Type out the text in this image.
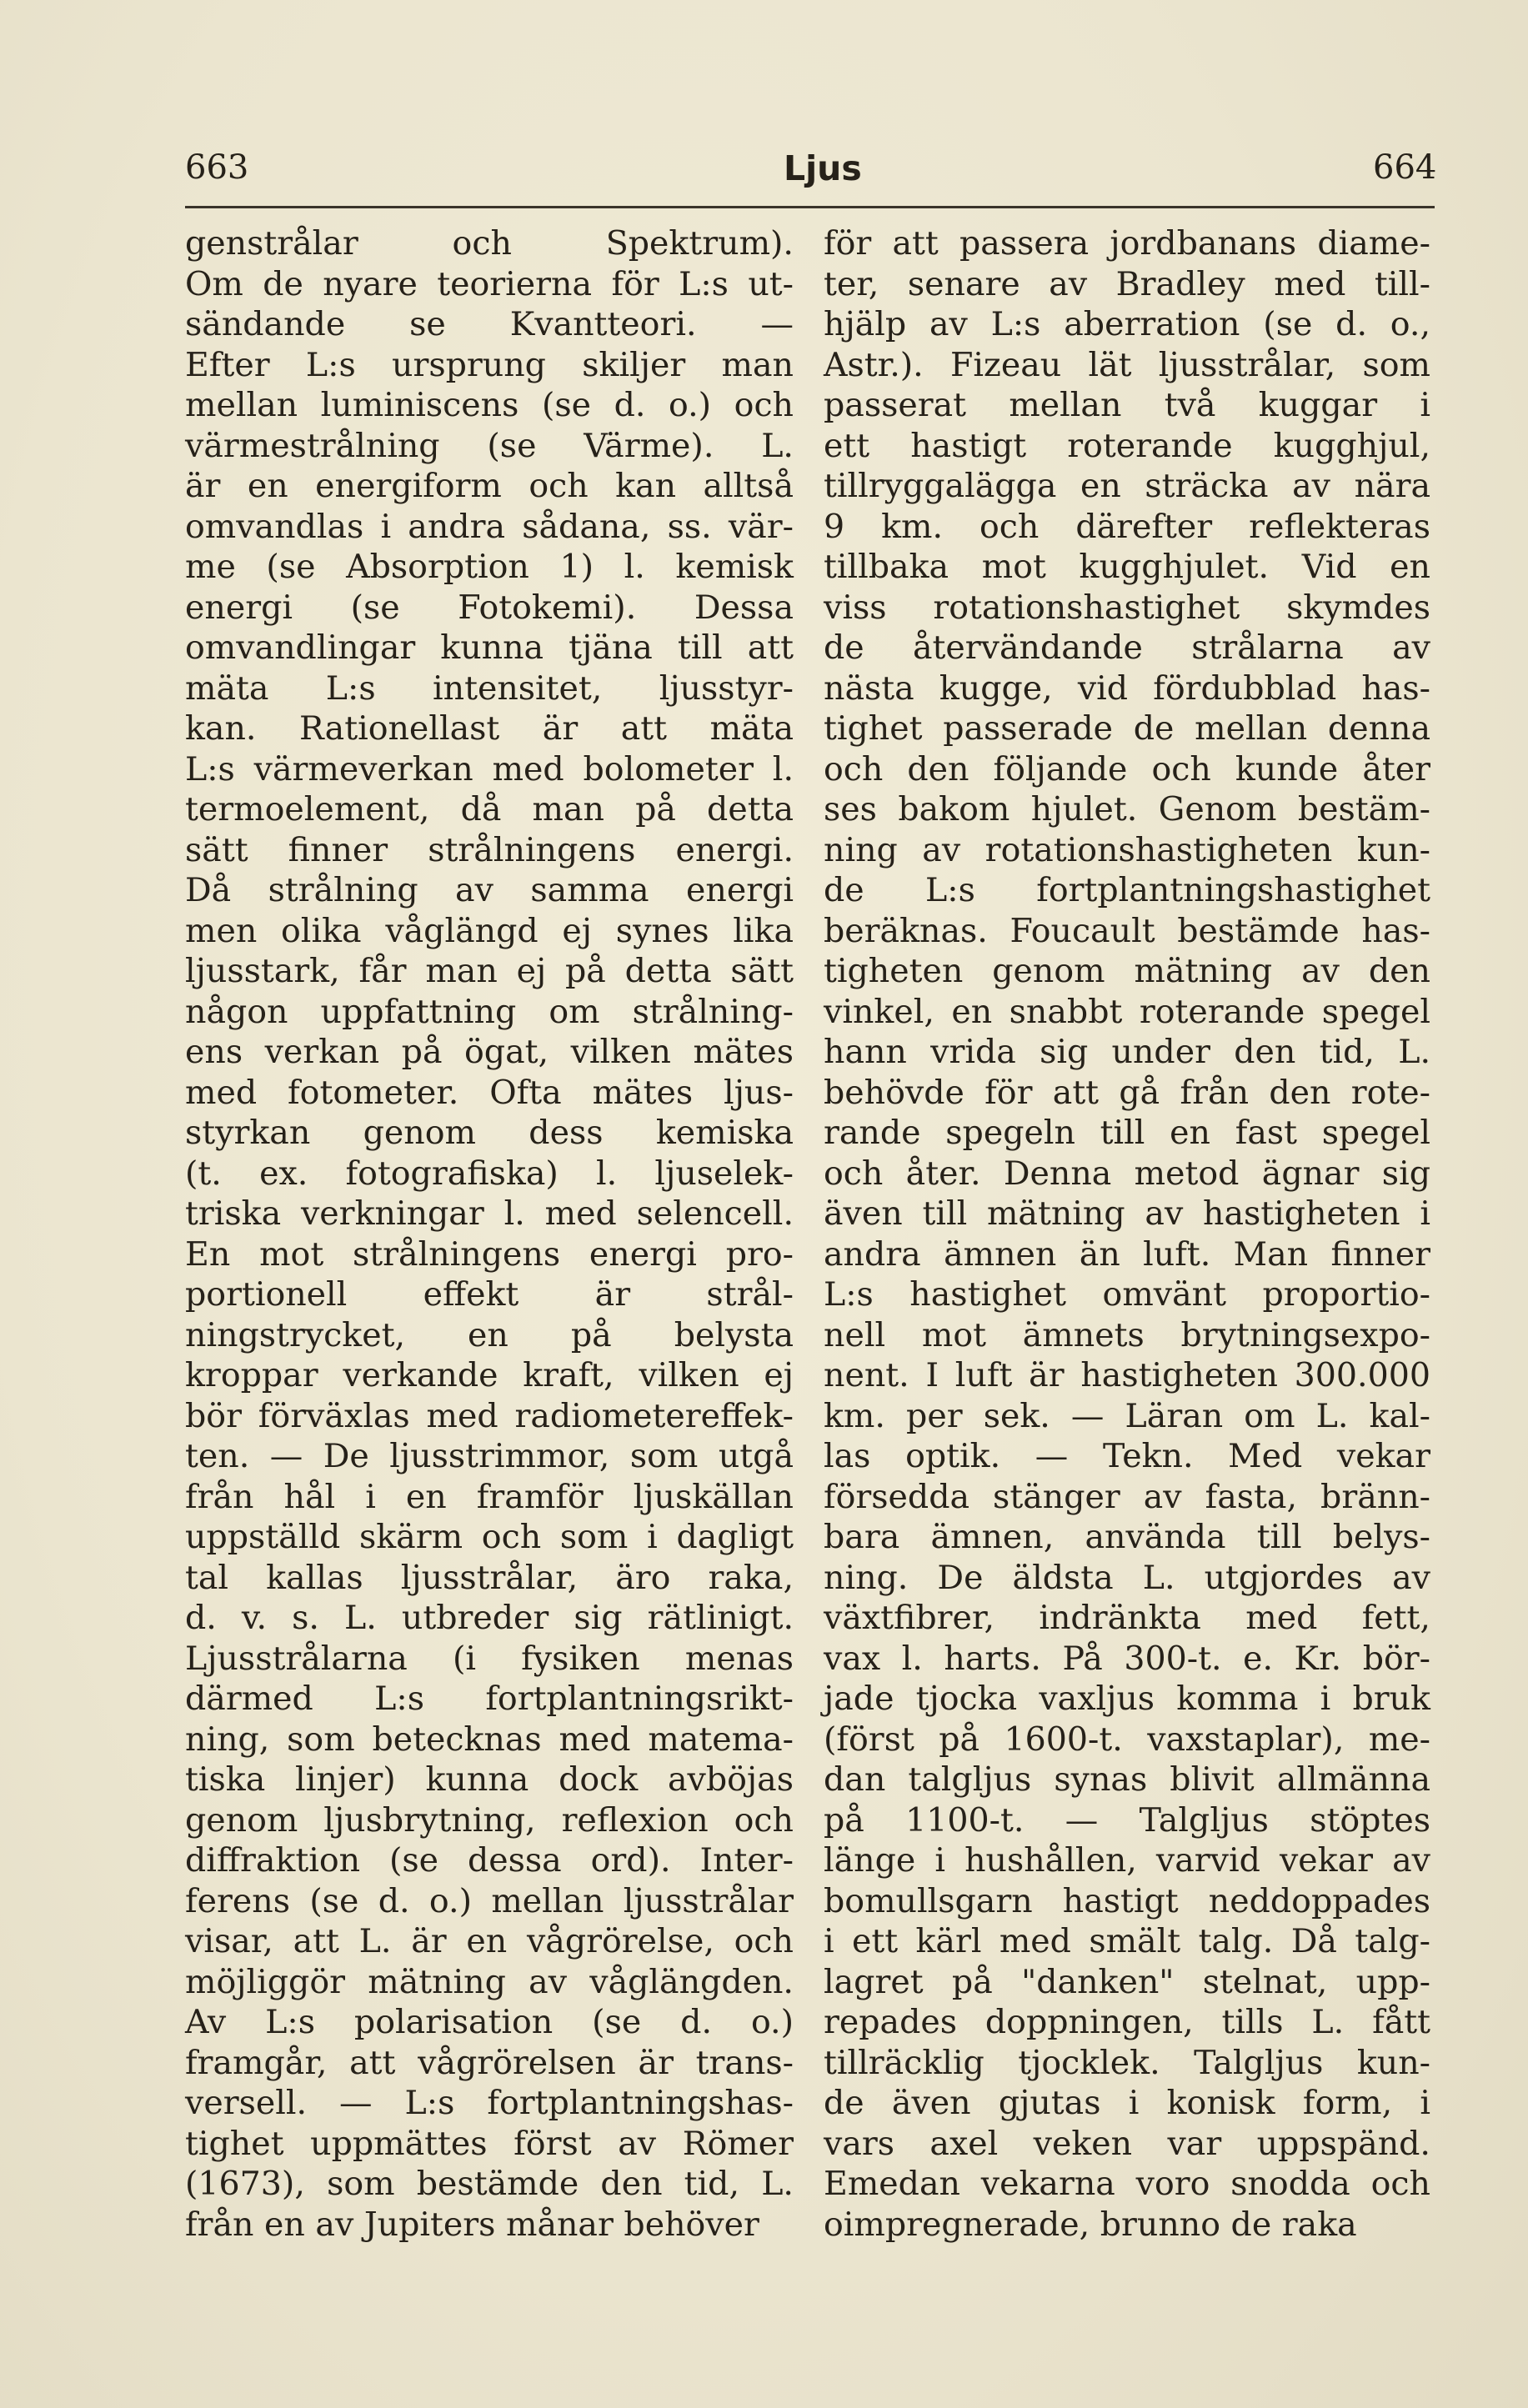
663	Ljus	664
genstrålar och Spektrum).
Om de nyare teorierna för L:s ut-
sändande se Kvantteori. —
Efter L:s ursprung skiljer man
mellan luminiscens (se d. o.) och
värmestrålning (se Värme). L.
är en energiform och kan alltså
omvandlas i andra sådana, ss. vär-
me (se Absorption 1) l. kemisk
energi (se Fotokemi). Dessa
omvandlingar kunna tjäna till att
mäta L:s intensitet, ljusstyr-
kan. Rationellast är att mäta
L:s värmeverkan med bolometer l.
termoelement, då man på detta
sätt finner strålningens energi.
Då strålning av samma energi
men olika våglängd ej synes lika
ljusstark, får man ej på detta sätt
någon uppfattning om strålning-
ens verkan på ögat, vilken mätes
med fotometer. Ofta mätes ljus-
styrkan genom dess kemiska
(t. ex. fotografiska) l. ljuselek-
triska verkningar l. med selencell.
En mot strålningens energi pro-
portionell effekt är strål-
ningstrycket, en på belysta
kroppar verkande kraft, vilken ej
bör förväxlas med radiometereffek-
ten. — De ljusstrimmor, som utgå
från hål i en framför ljuskällan
uppställd skärm och som i dagligt
tal kallas ljusstrålar, äro raka,
d. v. s. L. utbreder sig rätlinigt.
Ljusstrålarna (i fysiken menas
därmed L:s fortplantningsrikt-
ning, som betecknas med matema-
tiska linjer) kunna dock avböjas
genom ljusbrytning, reflexion och
diffraktion (se dessa ord). Inter-
ferens (se d. o.) mellan ljusstrålar
visar, att L. är en vågrörelse, och
möjliggör mätning av våglängden.
Av L:s polarisation (se d. o.)
framgår, att vågrörelsen är trans-
versell. — L:s fortplantningshas-
tighet uppmättes först av Römer
(1673), som bestämde den tid, L.
från en av Jupiters månar behöver
för att passera jordbanans diame-
ter, senare av Bradley med till-
hjälp av L:s aberration (se d. o.,
Astr.). Fizeau lät ljusstrålar, som
passerat mellan två kuggar i
ett hastigt roterande kugghjul,
tillryggalägga en sträcka av nära
9 km. och därefter reflekteras
tillbaka mot kugghjulet. Vid en
viss rotationshastighet skymdes
de återvändande strålarna av
nästa kugge, vid fördubblad has-
tighet passerade de mellan denna
och den följande och kunde åter
ses bakom hjulet. Genom bestäm-
ning av rotationshastigheten kun-
de L:s fortplantningshastighet
beräknas. Foucault bestämde has-
tigheten genom mätning av den
vinkel, en snabbt roterande spegel
hann vrida sig under den tid, L.
behövde för att gå från den rote-
rande spegeln till en fast spegel
och åter. Denna metod ägnar sig
även till mätning av hastigheten i
andra ämnen än luft. Man finner
L:s hastighet omvänt proportio-
nell mot ämnets brytningsexpo-
nent. I luft är hastigheten 300.000
km. per sek. — Läran om L. kal-
las optik. — Tekn. Med vekar
försedda stänger av fasta, bränn-
bara ämnen, använda till belys-
ning. De äldsta L. utgjordes av
växtfibrer, indränkta med fett,
vax l. harts. På 300-t. e. Kr. bör-
jade tjocka vaxljus komma i bruk
(först på 1600-t. vaxstaplar), me-
dan talgljus synas blivit allmänna
på 1100-t. — Talgljus stöptes
länge i hushållen, varvid vekar av
bomullsgarn hastigt neddoppades
i ett kärl med smält talg. Då talg-
lagret på "danken" stelnat, upp-
repades doppningen, tills L. fått
tillräcklig tjocklek. Talgljus kun-
de även gjutas i konisk form, i
vars axel veken var uppspänd.
Emedan vekarna voro snodda och
oimpregnerade, brunno de raka
